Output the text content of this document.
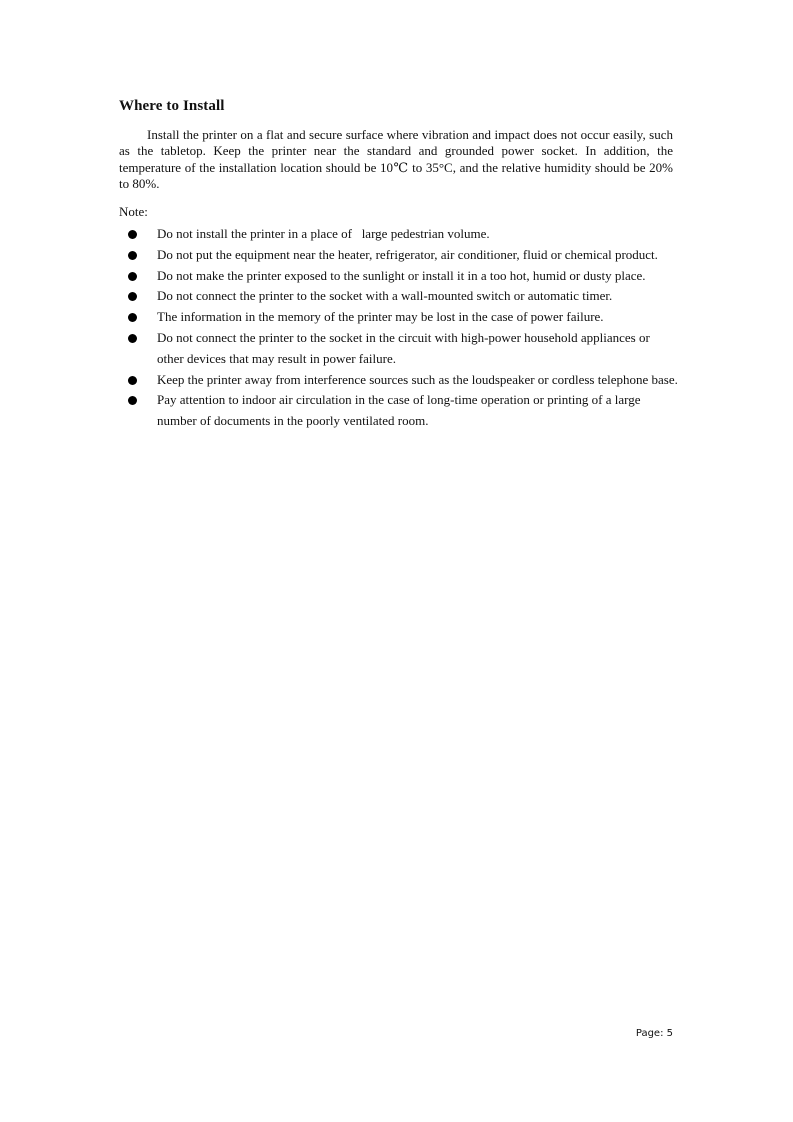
Where to Install

Install the printer on a flat and secure surface where vibration and impact does not occur easily, such as the tabletop. Keep the printer near the standard and grounded power socket. In addition, the temperature of the installation location should be 10℃ to 35°C, and the relative humidity should be 20% to 80%.

Note:
Do not install the printer in a place of   large pedestrian volume.
Do not put the equipment near the heater, refrigerator, air conditioner, fluid or chemical product.
Do not make the printer exposed to the sunlight or install it in a too hot, humid or dusty place.
Do not connect the printer to the socket with a wall-mounted switch or automatic timer.
The information in the memory of the printer may be lost in the case of power failure.
Do not connect the printer to the socket in the circuit with high-power household appliances or other devices that may result in power failure.
Keep the printer away from interference sources such as the loudspeaker or cordless telephone base.
Pay attention to indoor air circulation in the case of long-time operation or printing of a large number of documents in the poorly ventilated room.
Page: 5
